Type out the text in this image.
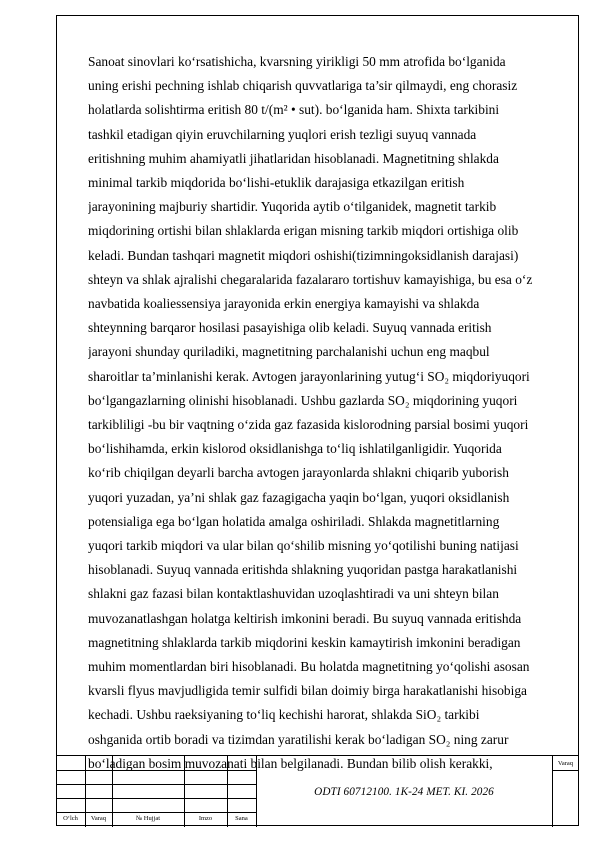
Sanoat sinovlari ko‘rsatishicha, kvarsning yirikligi 50 mm atrofida bo‘lganida

uning erishi pechning ishlab chiqarish quvvatlariga ta’sir qilmaydi, eng chorasiz

holatlarda solishtirma eritish 80 t/(m² • sut). bo‘lganida ham. Shixta tarkibini

tashkil etadigan qiyin eruvchilarning yuqlori erish tezligi suyuq vannada

eritishning muhim ahamiyatli jihatlaridan hisoblanadi. Magnetitning shlakda

minimal tarkib miqdorida bo‘lishi-etuklik darajasiga etkazilgan eritish

jarayonining majburiy shartidir. Yuqorida aytib o‘tilganidek, magnetit tarkib

miqdorining ortishi bilan shlaklarda erigan misning tarkib miqdori ortishiga olib

keladi. Bundan tashqari magnetit miqdori oshishi(tizimningoksidlanish darajasi)

shteyn va shlak ajralishi chegaralarida fazalararo tortishuv kamayishiga, bu esa o‘z

navbatida koaliessensiya jarayonida erkin energiya kamayishi va shlakda

shteynning barqaror hosilasi pasayishiga olib keladi. Suyuq vannada eritish

jarayoni shunday quriladiki, magnetitning parchalanishi uchun eng maqbul

sharoitlar ta’minlanishi kerak. Avtogen jarayonlarining yutug‘i SO₂ miqdoriyuqori

bo‘lgangazlarning olinishi hisoblanadi. Ushbu gazlarda SO₂ miqdorining yuqori

tarkibliligi -bu bir vaqtning o‘zida gaz fazasida kislorodning parsial bosimi yuqori

bo‘lishihamda, erkin kislorod oksidlanishga to‘liq ishlatilganligidir. Yuqorida

ko‘rib chiqilgan deyarli barcha avtogen jarayonlarda shlakni chiqarib yuborish

yuqori yuzadan, ya’ni shlak gaz fazagigacha yaqin bo‘lgan, yuqori oksidlanish

potensialiga ega bo‘lgan holatida amalga oshiriladi. Shlakda magnetitlarning

yuqori tarkib miqdori va ular bilan qo‘shilib misning yo‘qotilishi buning natijasi

hisoblanadi. Suyuq vannada eritishda shlakning yuqoridan pastga harakatlanishi

shlakni gaz fazasi bilan kontaktlashuvidan uzoqlashtiradi va uni shteyn bilan

muvozanatlashgan holatga keltirish imkonini beradi. Bu suyuq vannada eritishda

magnetitning shlaklarda tarkib miqdorini keskin kamaytirish imkonini beradigan

muhim momentlardan biri hisoblanadi. Bu holatda magnetitning yo‘qolishi asosan

kvarsli flyus mavjudligida temir sulfidi bilan doimiy birga harakatlanishi hisobiga

kechadi. Ushbu raeksiyaning to‘liq kechishi harorat, shlakda SiO₂ tarkibi

oshganida ortib boradi va tizimdan yaratilishi kerak bo‘ladigan SO₂ ning zarur

bo‘ladigan bosim muvozanati bilan belgilanadi. Bundan bilib olish kerakki,

O‘lch	Varaq	№ Hujjat	Imzo	Sana
ODTI 60712100. 1K-24 MET. KI. 2026
Varaq
